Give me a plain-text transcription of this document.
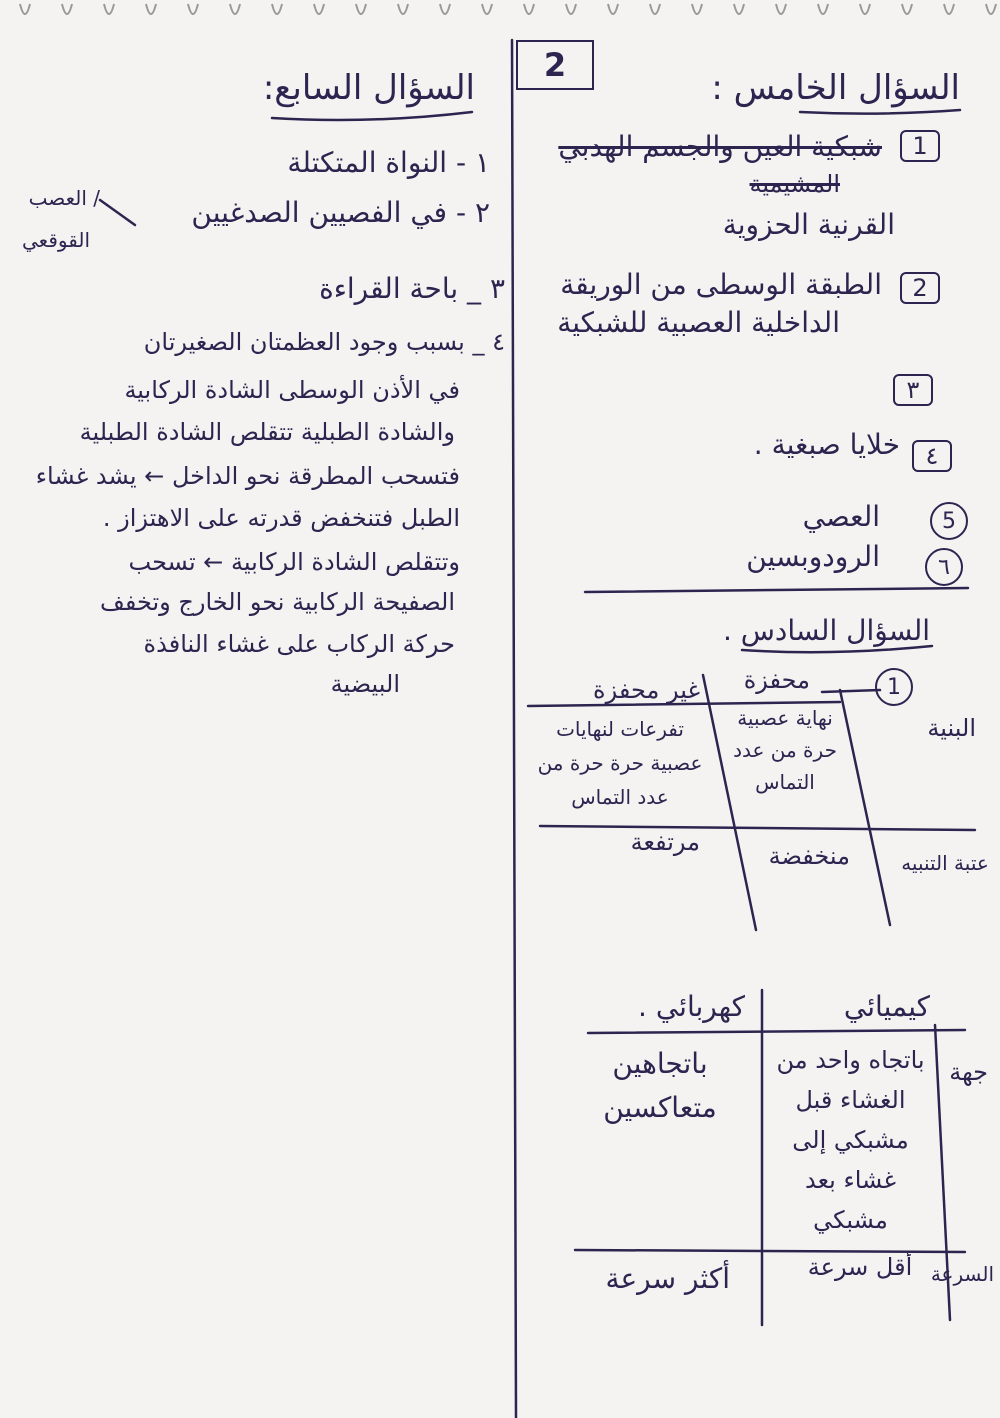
2
السؤال الخامس :
1
شبكية العين والجسم الهدبي
المشيمية
القرنية الحزوية
2
الطبقة الوسطى من الوريقة
الداخلية العصبية للشبكية
٣
٤
خلايا صبغية .
5
العصي
٦
الرودوبسين
السؤال السادس .
1
محفزة
غير محفزة
البنية
نهاية عصبية حرة من عدد التماس
تفرعات لنهايات عصبية حرة حرة من عدد التماس
عتبة التنبيه
منخفضة
مرتفعة
كيميائي
كهربائي .
جهة
باتجاه واحد من الغشاء قبل مشبكي إلى غشاء بعد مشبكي
باتجاهين متعاكسين
السرعة
أقل سرعة
أكثر سرعة
السؤال السابع:
١ - النواة المتكتلة
٢ - في الفصيين الصدغيين
/ العصب
القوقعي
٣ _ باحة القراءة
٤ _ بسبب وجود العظمتان الصغيرتان
في الأذن الوسطى الشادة الركابية
والشادة الطبلية تتقلص الشادة الطبلية
فتسحب المطرقة نحو الداخل ← يشد غشاء
الطبل فتنخفض قدرته على الاهتزاز .
وتتقلص الشادة الركابية ← تسحب
الصفيحة الركابية نحو الخارج وتخفف
حركة الركاب على غشاء النافذة
البيضية
